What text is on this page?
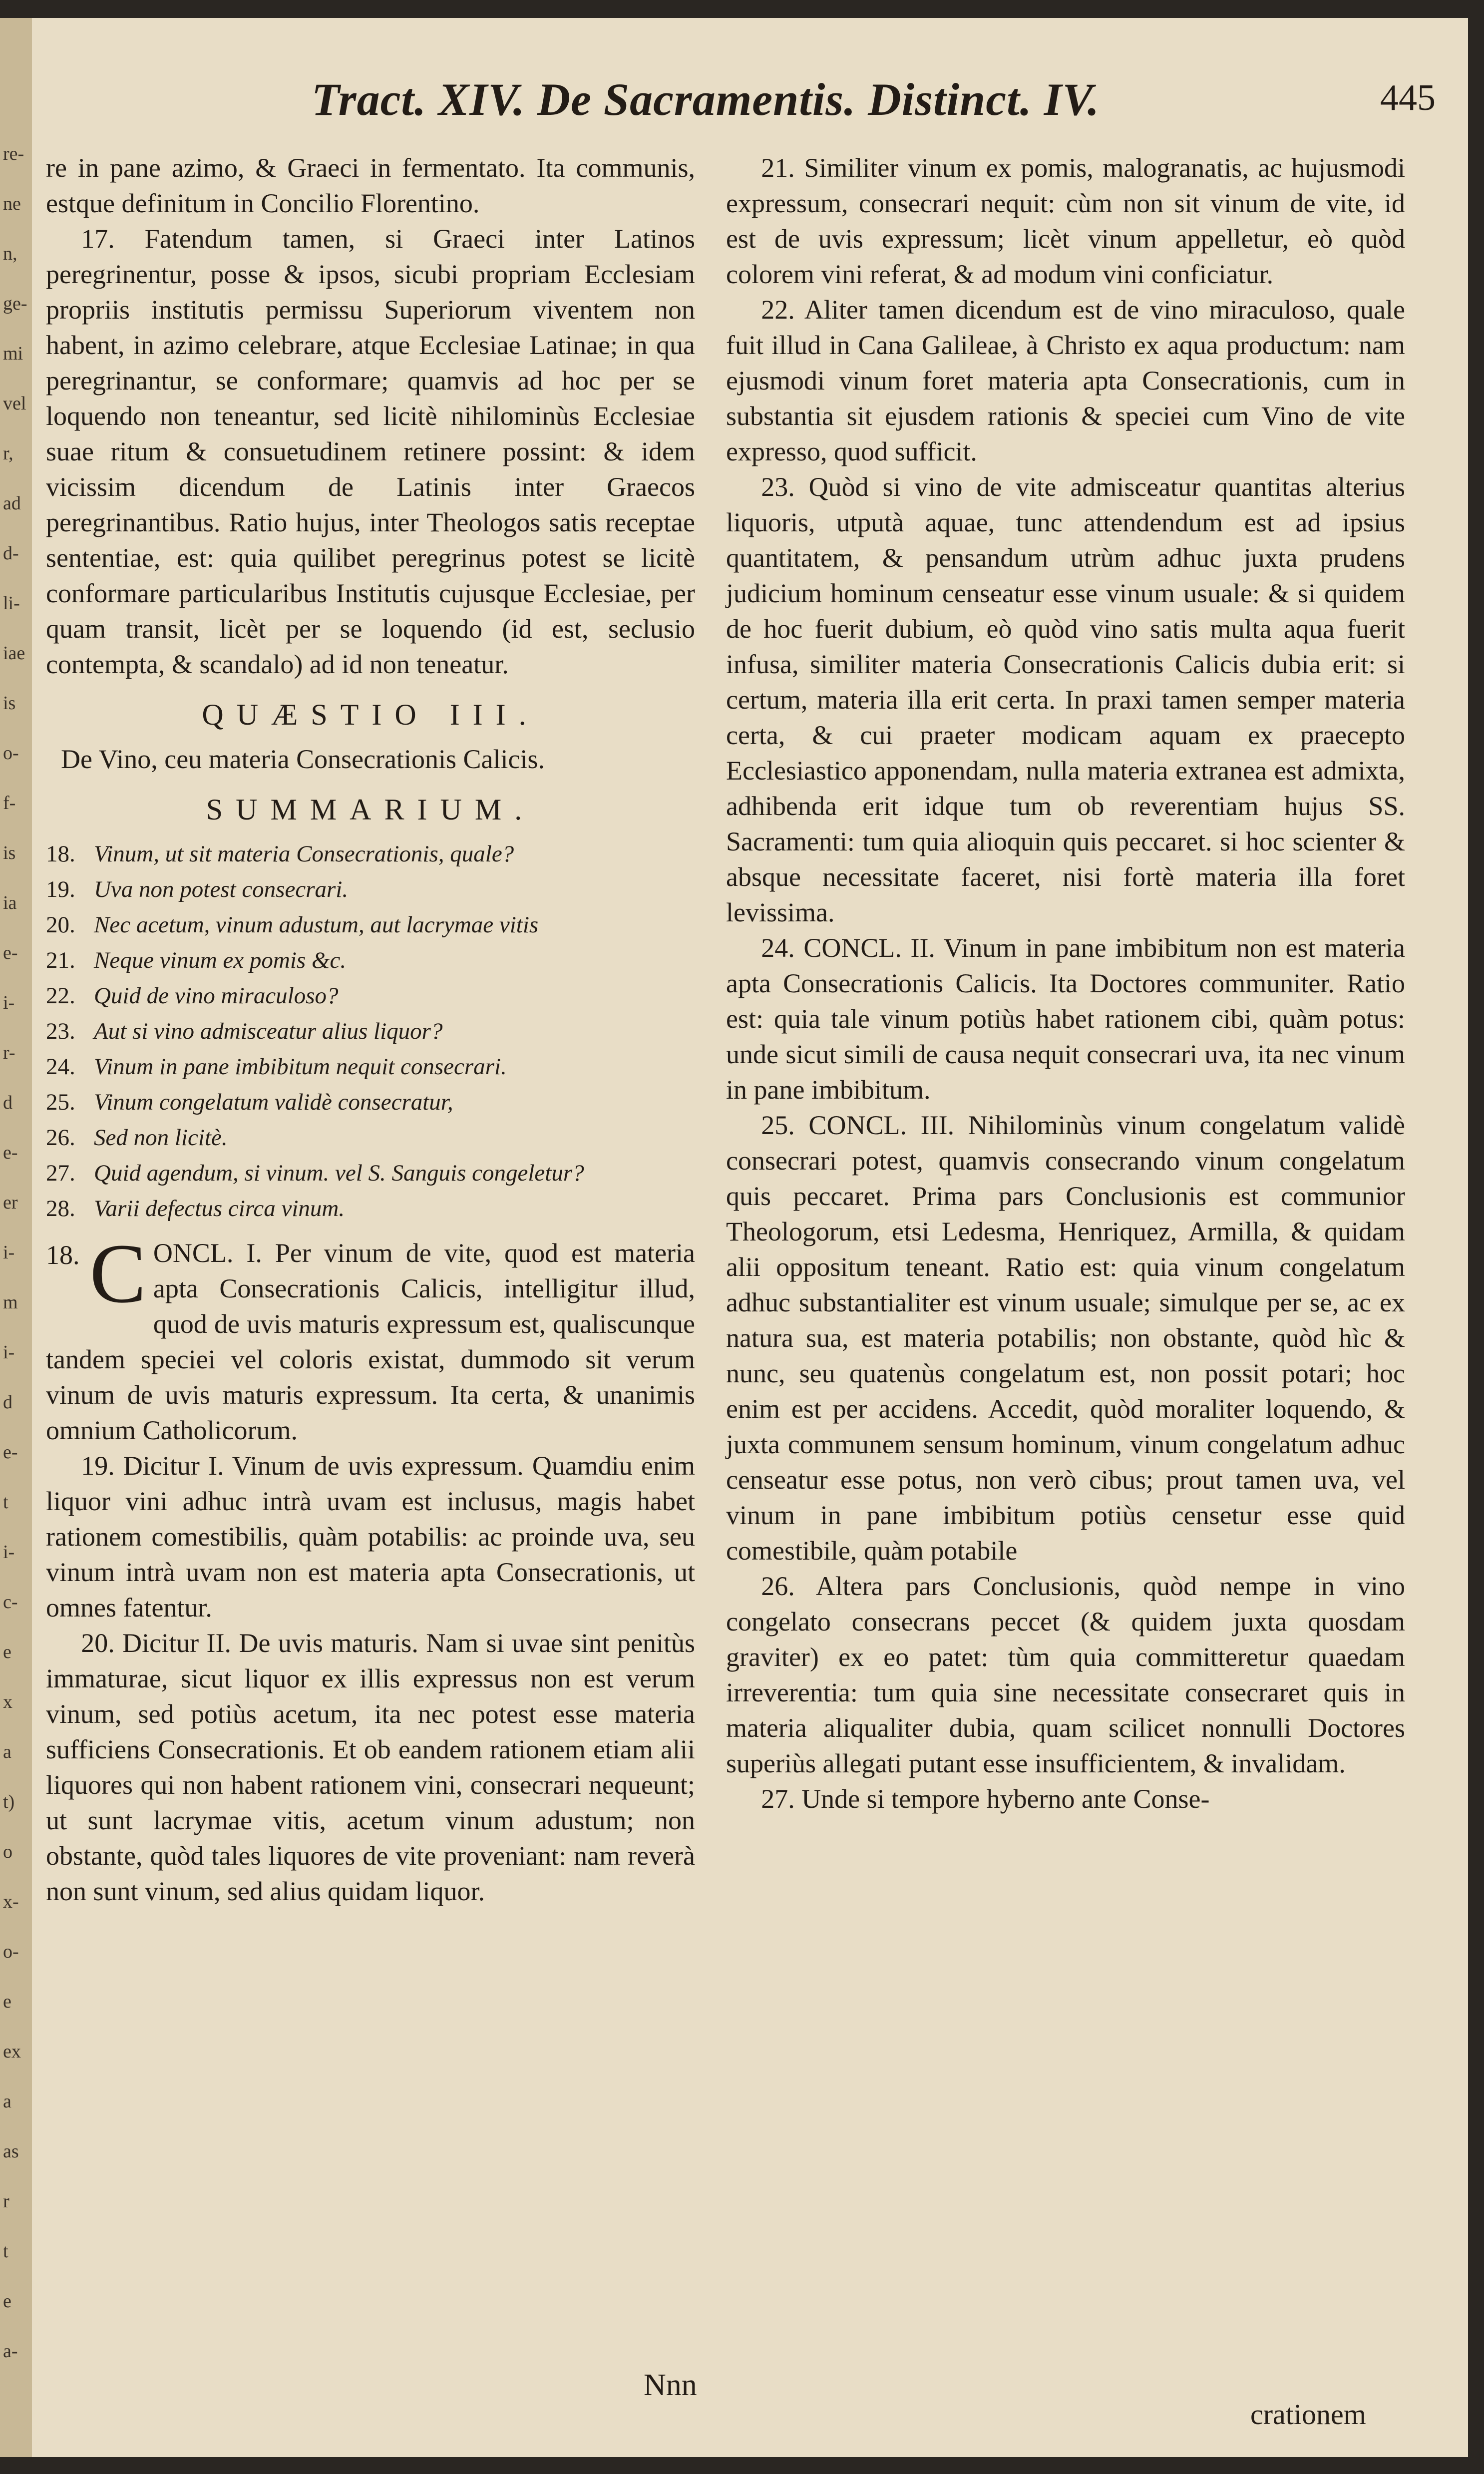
re-
ne
n,
ge-
mi
vel
r,
ad
d-
li-
iae
is
o-
f-
is
ia
e-
i-
r-
d
e-
er
i-
m
i-
d
e-
t
i-
c-
e
x
a
t)
o
x-
o-
e
ex
a
as
r
t
e
a-
Tract. XIV. De Sacramentis. Distinct. IV.	445

re in pane azimo, & Graeci in fermentato. Ita communis, estque definitum in Concilio Florentino.

17. Fatendum tamen, si Graeci inter Latinos peregrinentur, posse & ipsos, sicubi propriam Ecclesiam propriis institutis permissu Superiorum viventem non habent, in azimo celebrare, atque Ecclesiae Latinae; in qua peregrinantur, se conformare; quamvis ad hoc per se loquendo non teneantur, sed licitè nihilominùs Ecclesiae suae ritum & consuetudinem retinere possint: & idem vicissim dicendum de Latinis inter Graecos peregrinantibus. Ratio hujus, inter Theologos satis receptae sententiae, est: quia quilibet peregrinus potest se licitè conformare particularibus Institutis cujusque Ecclesiae, per quam transit, licèt per se loquendo (id est, seclusio contempta, & scandalo) ad id non teneatur.

QUÆSTIO III.

De Vino, ceu materia Consecrationis Calicis.

SUMMARIUM.

18. Vinum, ut sit materia Consecrationis, quale?
19. Uva non potest consecrari.
20. Nec acetum, vinum adustum, aut lacrymae vitis
21. Neque vinum ex pomis &c.
22. Quid de vino miraculoso?
23. Aut si vino admisceatur alius liquor?
24. Vinum in pane imbibitum nequit consecrari.
25. Vinum congelatum validè consecratur,
26. Sed non licitè.
27. Quid agendum, si vinum. vel S. Sanguis congeletur?
28. Varii defectus circa vinum.

18. C ONCL. I. Per vinum de vite, quod est materia apta Consecrationis Calicis, intelligitur illud, quod de uvis maturis expressum est, qualiscunque tandem speciei vel coloris existat, dummodo sit verum vinum de uvis maturis expressum. Ita certa, & unanimis omnium Catholicorum.

19. Dicitur I. Vinum de uvis expressum. Quamdiu enim liquor vini adhuc intrà uvam est inclusus, magis habet rationem comestibilis, quàm potabilis: ac proinde uva, seu vinum intrà uvam non est materia apta Consecrationis, ut omnes fatentur.

20. Dicitur II. De uvis maturis. Nam si uvae sint penitùs immaturae, sicut liquor ex illis expressus non est verum vinum, sed potiùs acetum, ita nec potest esse materia sufficiens Consecrationis. Et ob eandem rationem etiam alii liquores qui non habent rationem vini, consecrari nequeunt; ut sunt lacrymae vitis, acetum vinum adustum; non obstante, quòd tales liquores de vite proveniant: nam reverà non sunt vinum, sed alius quidam liquor.

21. Similiter vinum ex pomis, malogranatis, ac hujusmodi expressum, consecrari nequit: cùm non sit vinum de vite, id est de uvis expressum; licèt vinum appelletur, eò quòd colorem vini referat, & ad modum vini conficiatur.

22. Aliter tamen dicendum est de vino miraculoso, quale fuit illud in Cana Galileae, à Christo ex aqua productum: nam ejusmodi vinum foret materia apta Consecrationis, cum in substantia sit ejusdem rationis & speciei cum Vino de vite expresso, quod sufficit.

23. Quòd si vino de vite admisceatur quantitas alterius liquoris, utputà aquae, tunc attendendum est ad ipsius quantitatem, & pensandum utrùm adhuc juxta prudens judicium hominum censeatur esse vinum usuale: & si quidem de hoc fuerit dubium, eò quòd vino satis multa aqua fuerit infusa, similiter materia Consecrationis Calicis dubia erit: si certum, materia illa erit certa. In praxi tamen semper materia certa, & cui praeter modicam aquam ex praecepto Ecclesiastico apponendam, nulla materia extranea est admixta, adhibenda erit idque tum ob reverentiam hujus SS. Sacramenti: tum quia alioquin quis peccaret. si hoc scienter & absque necessitate faceret, nisi fortè materia illa foret levissima.

24. CONCL. II. Vinum in pane imbibitum non est materia apta Consecrationis Calicis. Ita Doctores communiter. Ratio est: quia tale vinum potiùs habet rationem cibi, quàm potus: unde sicut simili de causa nequit consecrari uva, ita nec vinum in pane imbibitum.

25. CONCL. III. Nihilominùs vinum congelatum validè consecrari potest, quamvis consecrando vinum congelatum quis peccaret. Prima pars Conclusionis est communior Theologorum, etsi Ledesma, Henriquez, Armilla, & quidam alii oppositum teneant. Ratio est: quia vinum congelatum adhuc substantialiter est vinum usuale; simulque per se, ac ex natura sua, est materia potabilis; non obstante, quòd hìc & nunc, seu quatenùs congelatum est, non possit potari; hoc enim est per accidens. Accedit, quòd moraliter loquendo, & juxta communem sensum hominum, vinum congelatum adhuc censeatur esse potus, non verò cibus; prout tamen uva, vel vinum in pane imbibitum potiùs censetur esse quid comestibile, quàm potabile

26. Altera pars Conclusionis, quòd nempe in vino congelato consecrans peccet (& quidem juxta quosdam graviter) ex eo patet: tùm quia committeretur quaedam irreverentia: tum quia sine necessitate consecraret quis in materia aliqualiter dubia, quam scilicet nonnulli Doctores superiùs allegati putant esse insufficientem, & invalidam.

27. Unde si tempore hyberno ante Conse-

Nnn
crationem
